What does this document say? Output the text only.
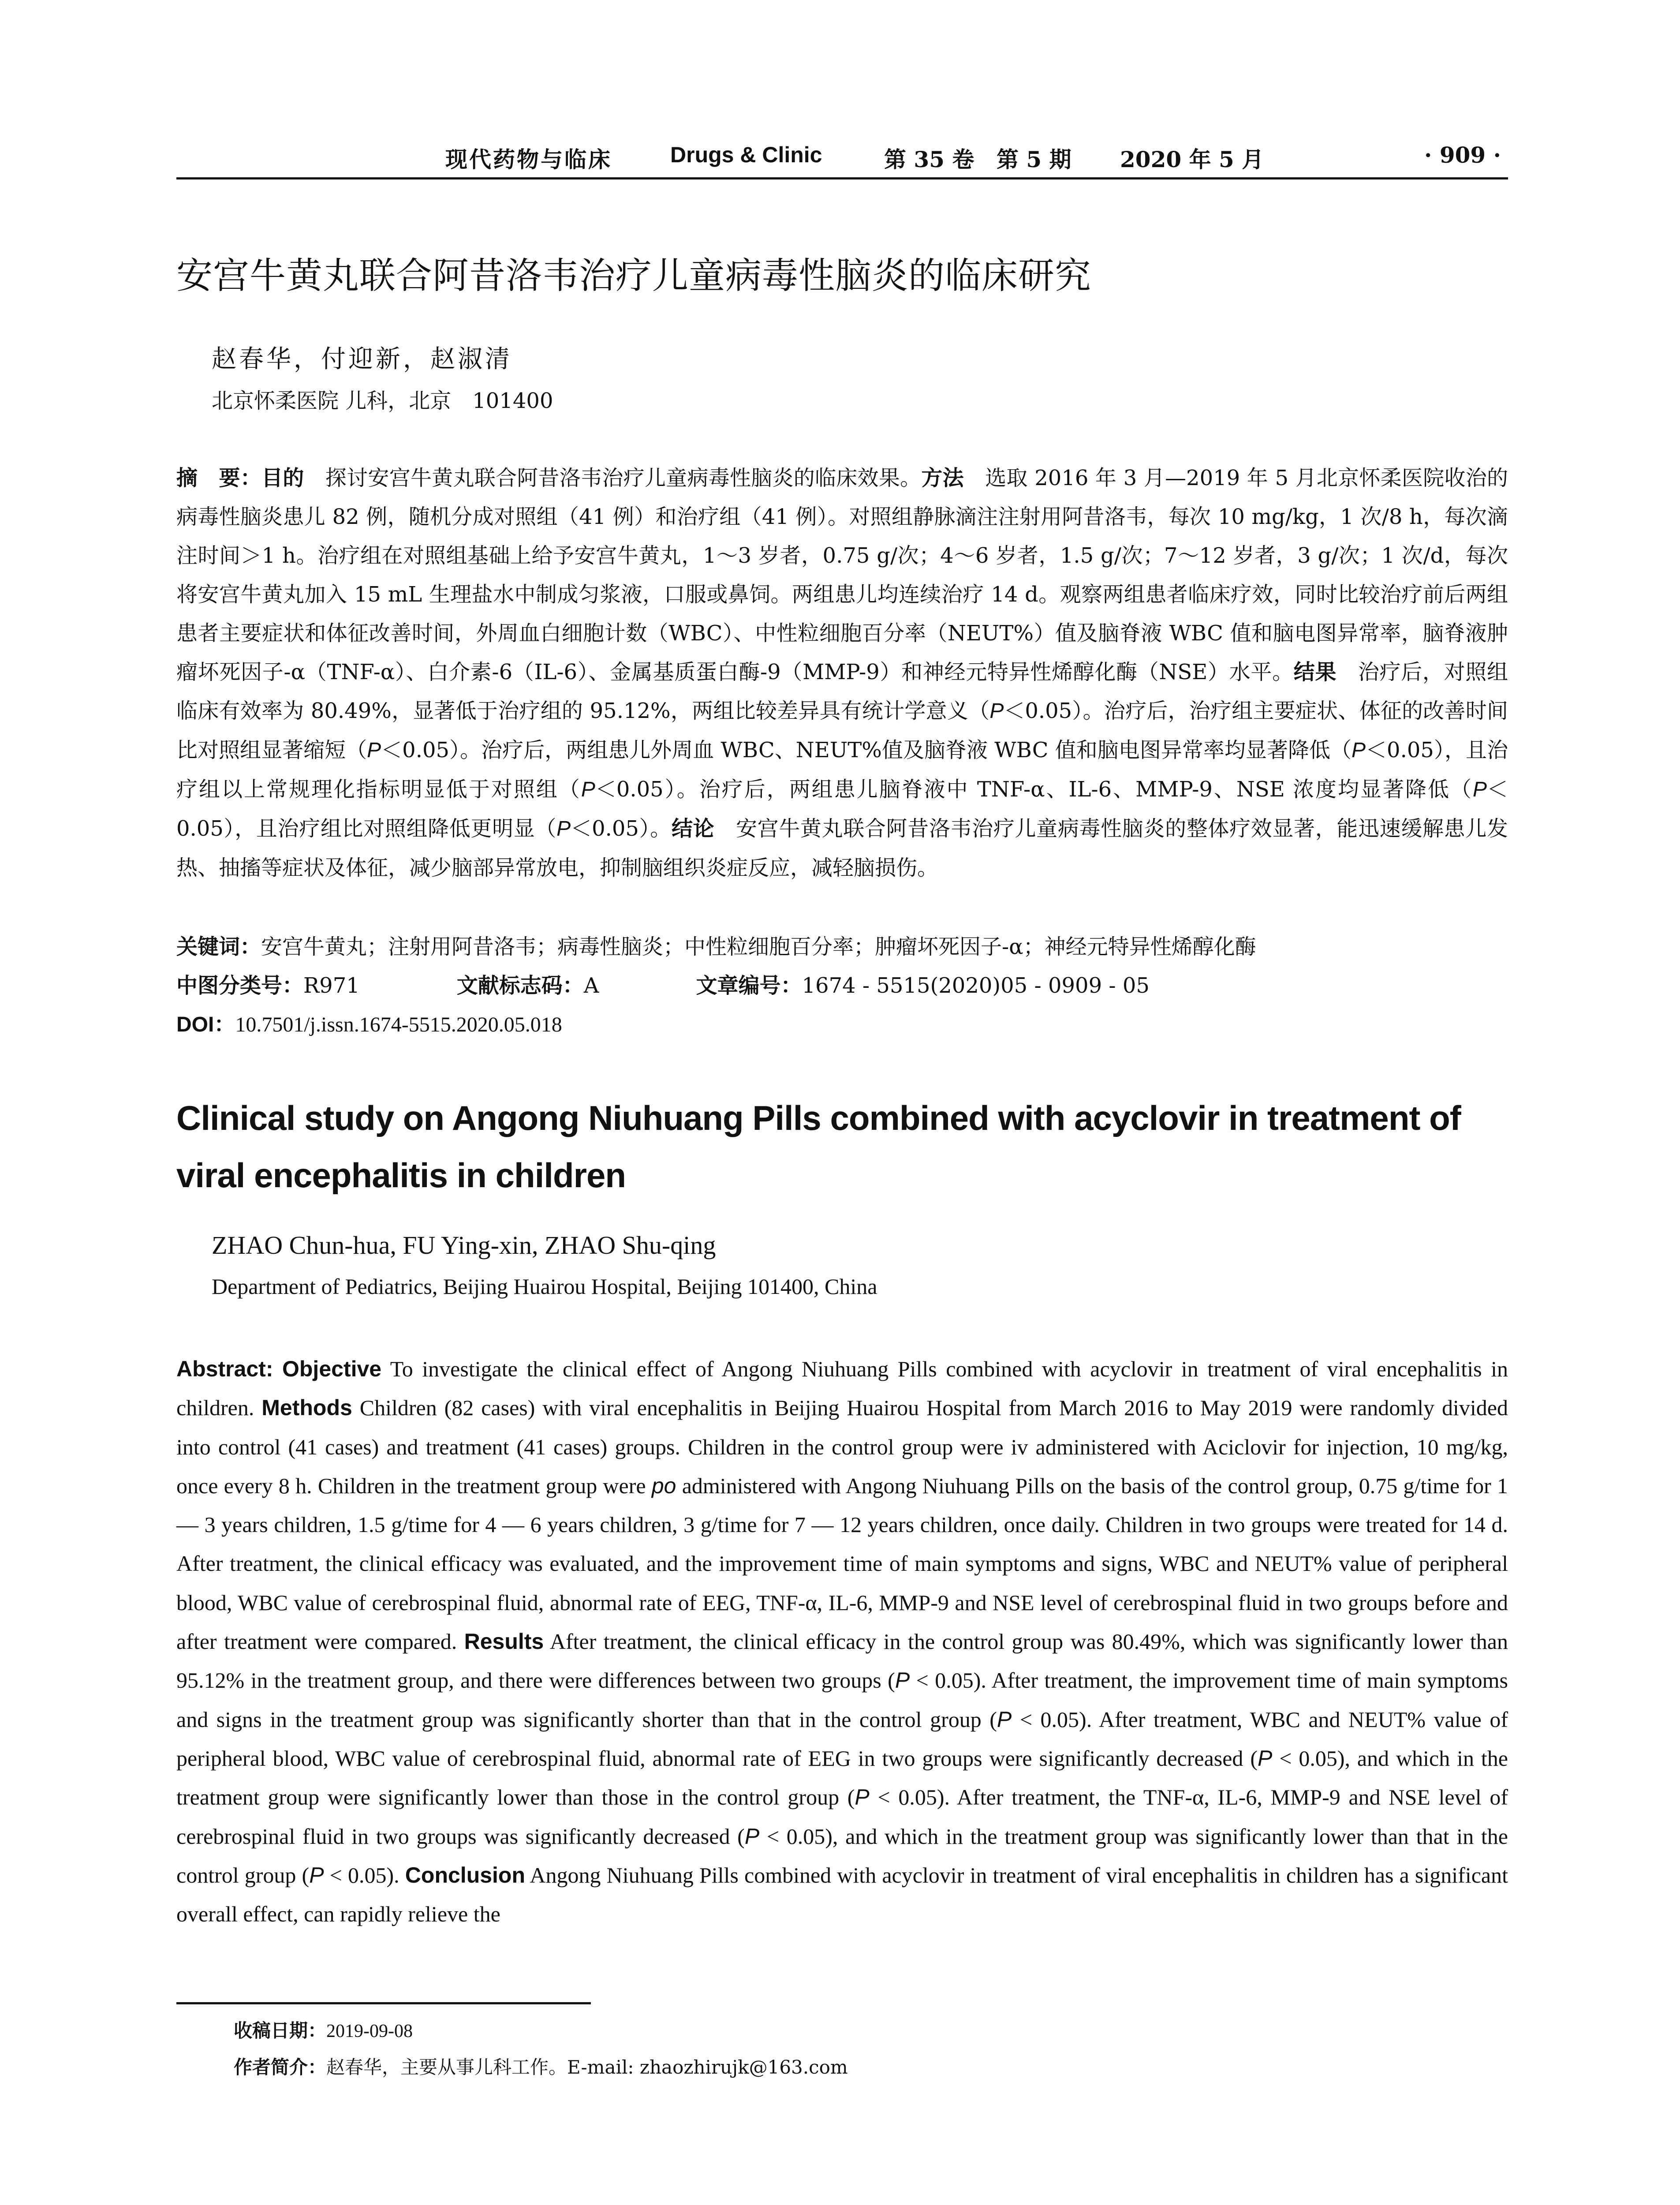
现代药物与临床	Drugs & Clinic	第 35 卷 第 5 期 2020 年 5 月	· 909 ·
安宫牛黄丸联合阿昔洛韦治疗儿童病毒性脑炎的临床研究
赵春华，付迎新，赵淑清
北京怀柔医院 儿科，北京　101400
摘　要：目的　探讨安宫牛黄丸联合阿昔洛韦治疗儿童病毒性脑炎的临床效果。方法　选取 2016 年 3 月—2019 年 5 月北京怀柔医院收治的病毒性脑炎患儿 82 例，随机分成对照组（41 例）和治疗组（41 例）。对照组静脉滴注注射用阿昔洛韦，每次 10 mg/kg，1 次/8 h，每次滴注时间＞1 h。治疗组在对照组基础上给予安宫牛黄丸，1～3 岁者，0.75 g/次；4～6 岁者，1.5 g/次；7～12 岁者，3 g/次；1 次/d，每次将安宫牛黄丸加入 15 mL 生理盐水中制成匀浆液，口服或鼻饲。两组患儿均连续治疗 14 d。观察两组患者临床疗效，同时比较治疗前后两组患者主要症状和体征改善时间，外周血白细胞计数（WBC）、中性粒细胞百分率（NEUT%）值及脑脊液 WBC 值和脑电图异常率，脑脊液肿瘤坏死因子-α（TNF-α）、白介素-6（IL-6）、金属基质蛋白酶-9（MMP-9）和神经元特异性烯醇化酶（NSE）水平。结果　治疗后，对照组临床有效率为 80.49%，显著低于治疗组的 95.12%，两组比较差异具有统计学意义（P＜0.05）。治疗后，治疗组主要症状、体征的改善时间比对照组显著缩短（P＜0.05）。治疗后，两组患儿外周血 WBC、NEUT%值及脑脊液 WBC 值和脑电图异常率均显著降低（P＜0.05），且治疗组以上常规理化指标明显低于对照组（P＜0.05）。治疗后，两组患儿脑脊液中 TNF-α、IL-6、MMP-9、NSE 浓度均显著降低（P＜0.05），且治疗组比对照组降低更明显（P＜0.05）。结论　安宫牛黄丸联合阿昔洛韦治疗儿童病毒性脑炎的整体疗效显著，能迅速缓解患儿发热、抽搐等症状及体征，减少脑部异常放电，抑制脑组织炎症反应，减轻脑损伤。
关键词：安宫牛黄丸；注射用阿昔洛韦；病毒性脑炎；中性粒细胞百分率；肿瘤坏死因子-α；神经元特异性烯醇化酶
中图分类号：R971	文献标志码：A	文章编号：1674 - 5515(2020)05 - 0909 - 05
DOI：10.7501/j.issn.1674-5515.2020.05.018
Clinical study on Angong Niuhuang Pills combined with acyclovir in treatment of viral encephalitis in children
ZHAO Chun-hua, FU Ying-xin, ZHAO Shu-qing
Department of Pediatrics, Beijing Huairou Hospital, Beijing 101400, China
Abstract: Objective To investigate the clinical effect of Angong Niuhuang Pills combined with acyclovir in treatment of viral encephalitis in children. Methods Children (82 cases) with viral encephalitis in Beijing Huairou Hospital from March 2016 to May 2019 were randomly divided into control (41 cases) and treatment (41 cases) groups. Children in the control group were iv administered with Aciclovir for injection, 10 mg/kg, once every 8 h. Children in the treatment group were po administered with Angong Niuhuang Pills on the basis of the control group, 0.75 g/time for 1 — 3 years children, 1.5 g/time for 4 — 6 years children, 3 g/time for 7 — 12 years children, once daily. Children in two groups were treated for 14 d. After treatment, the clinical efficacy was evaluated, and the improvement time of main symptoms and signs, WBC and NEUT% value of peripheral blood, WBC value of cerebrospinal fluid, abnormal rate of EEG, TNF-α, IL-6, MMP-9 and NSE level of cerebrospinal fluid in two groups before and after treatment were compared. Results After treatment, the clinical efficacy in the control group was 80.49%, which was significantly lower than 95.12% in the treatment group, and there were differences between two groups (P < 0.05). After treatment, the improvement time of main symptoms and signs in the treatment group was significantly shorter than that in the control group (P < 0.05). After treatment, WBC and NEUT% value of peripheral blood, WBC value of cerebrospinal fluid, abnormal rate of EEG in two groups were significantly decreased (P < 0.05), and which in the treatment group were significantly lower than those in the control group (P < 0.05). After treatment, the TNF-α, IL-6, MMP-9 and NSE level of cerebrospinal fluid in two groups was significantly decreased (P < 0.05), and which in the treatment group was significantly lower than that in the control group (P < 0.05). Conclusion Angong Niuhuang Pills combined with acyclovir in treatment of viral encephalitis in children has a significant overall effect, can rapidly relieve the
收稿日期：2019-09-08
作者简介：赵春华，主要从事儿科工作。E-mail: zhaozhirujk@163.com
